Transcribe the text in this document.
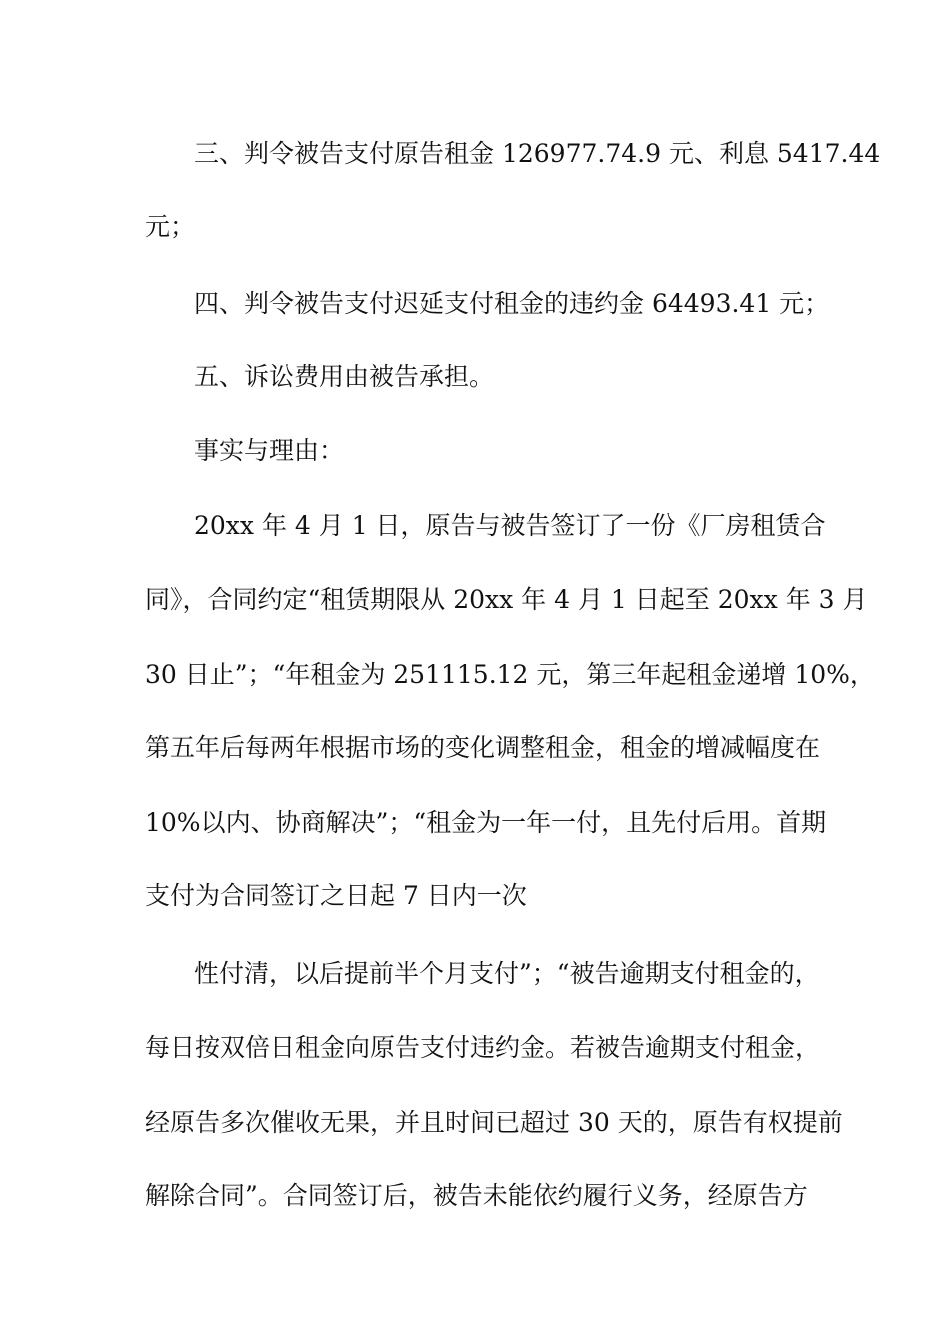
三、判令被告支付原告租金 126977.74.9 元、利息 5417.44
元；
四、判令被告支付迟延支付租金的违约金 64493.41 元；
五、诉讼费用由被告承担。
事实与理由：
20xx 年 4 月 1 日，原告与被告签订了一份《厂房租赁合
同》，合同约定“租赁期限从 20xx 年 4 月 1 日起至 20xx 年 3 月
30 日止”；“年租金为 251115.12 元，第三年起租金递增 10%，
第五年后每两年根据市场的变化调整租金，租金的增减幅度在
10%以内、协商解决”；“租金为一年一付，且先付后用。首期
支付为合同签订之日起 7 日内一次
性付清，以后提前半个月支付”；“被告逾期支付租金的，
每日按双倍日租金向原告支付违约金。若被告逾期支付租金，
经原告多次催收无果，并且时间已超过 30 天的，原告有权提前
解除合同”。合同签订后，被告未能依约履行义务，经原告方
